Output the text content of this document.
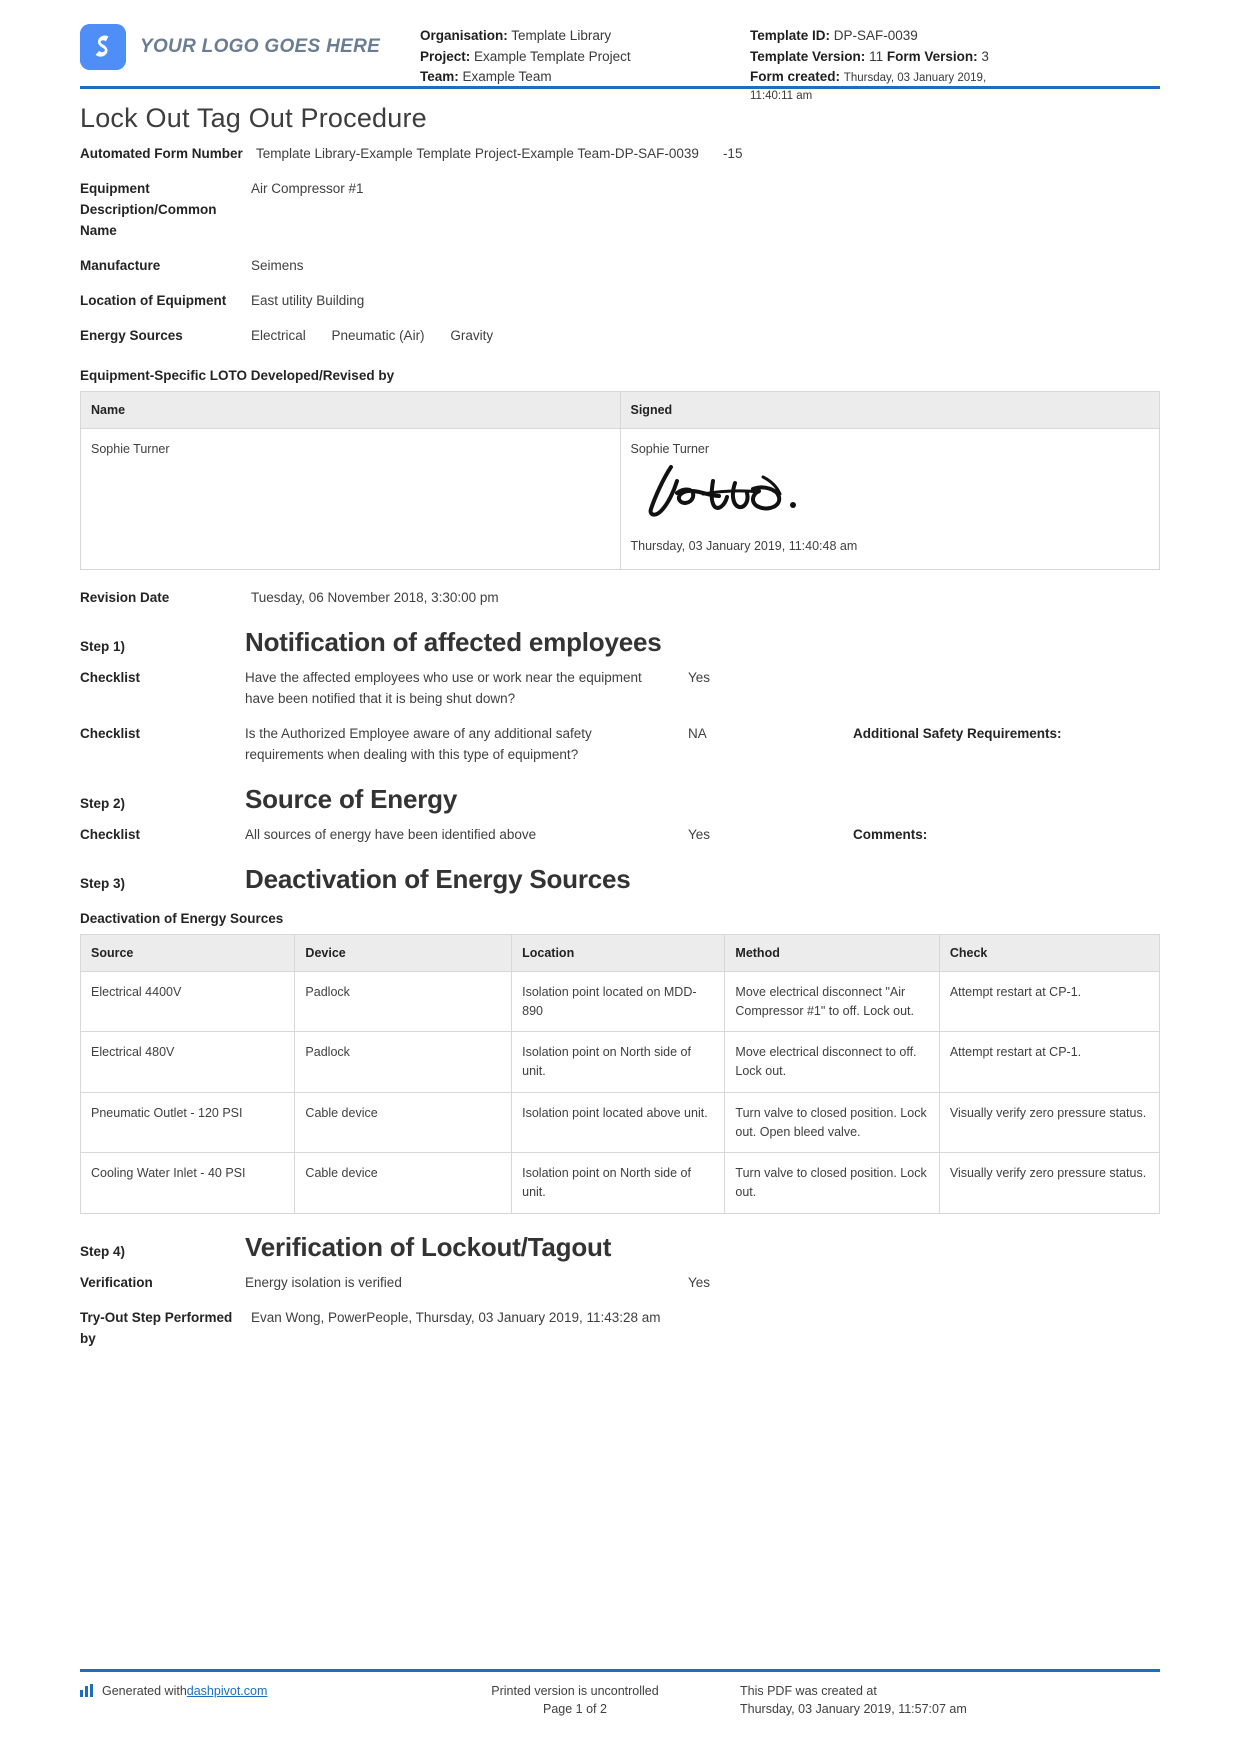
YOUR LOGO GOES HERE
Organisation: Template Library
Project: Example Template Project
Team: Example Team
Template ID: DP-SAF-0039
Template Version: 11 Form Version: 3
Form created: Thursday, 03 January 2019,
11:40:11 am
Lock Out Tag Out Procedure
Automated Form Number Template Library-Example Template Project-Example Team-DP-SAF-0039 -15
Equipment Description/Common Name
Air Compressor #1
Manufacture	Seimens
Location of Equipment	East utility Building
Energy Sources	Electrical Pneumatic (Air) Gravity
Equipment-Specific LOTO Developed/Revised by
Name	Signed
Sophie Turner	Sophie Turner
Thursday, 03 January 2019, 11:40:48 am
Revision Date	Tuesday, 06 November 2018, 3:30:00 pm
Step 1)	Notification of affected employees
Checklist	Have the affected employees who use or work near the equipment have been notified that it is being shut down?
Yes
Checklist	Is the Authorized Employee aware of any additional safety requirements when dealing with this type of equipment?
NA	Additional Safety Requirements:
Step 2)	Source of Energy
Checklist	All sources of energy have been identified above	Yes	Comments:
Step 3)	Deactivation of Energy Sources
Deactivation of Energy Sources
Source	Device	Location	Method	Check
Electrical 4400V	Padlock	Isolation point located on MDD-890	Move electrical disconnect "Air Compressor #1" to off. Lock out.	Attempt restart at CP-1.
Electrical 480V	Padlock	Isolation point on North side of unit.	Move electrical disconnect to off. Lock out.	Attempt restart at CP-1.
Pneumatic Outlet - 120 PSI	Cable device	Isolation point located above unit.	Turn valve to closed position. Lock out. Open bleed valve.	Visually verify zero pressure status.
Cooling Water Inlet - 40 PSI	Cable device	Isolation point on North side of unit.	Turn valve to closed position. Lock out.	Visually verify zero pressure status.
Step 4)	Verification of Lockout/Tagout
Verification	Energy isolation is verified	Yes
Try-Out Step Performed by
Evan Wong, PowerPeople, Thursday, 03 January 2019, 11:43:28 am
Generated with dashpivot.com	Printed version is uncontrolled
Page 1 of 2
This PDF was created at
Thursday, 03 January 2019, 11:57:07 am
